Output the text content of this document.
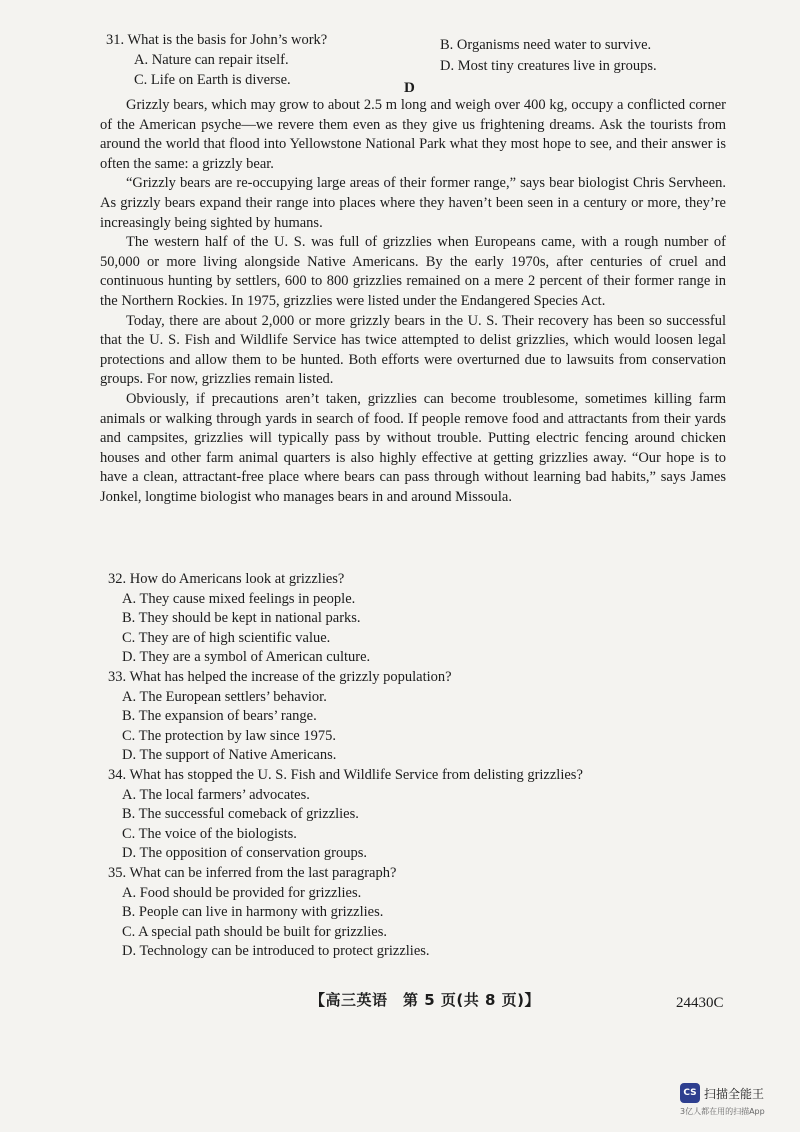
31. What is the basis for John’s work?
A. Nature can repair itself.
C. Life on Earth is diverse.
B. Organisms need water to survive.
D. Most tiny creatures live in groups.
D

Grizzly bears, which may grow to about 2.5 m long and weigh over 400 kg, occupy a conflicted corner of the American psyche—we revere them even as they give us frightening dreams. Ask the tourists from around the world that flood into Yellowstone National Park what they most hope to see, and their answer is often the same: a grizzly bear.

“Grizzly bears are re-occupying large areas of their former range,” says bear biologist Chris Servheen. As grizzly bears expand their range into places where they haven’t been seen in a century or more, they’re increasingly being sighted by humans.

The western half of the U. S. was full of grizzlies when Europeans came, with a rough number of 50,000 or more living alongside Native Americans. By the early 1970s, after centuries of cruel and continuous hunting by settlers, 600 to 800 grizzlies remained on a mere 2 percent of their former range in the Northern Rockies. In 1975, grizzlies were listed under the Endangered Species Act.

Today, there are about 2,000 or more grizzly bears in the U. S. Their recovery has been so successful that the U. S. Fish and Wildlife Service has twice attempted to delist grizzlies, which would loosen legal protections and allow them to be hunted. Both efforts were overturned due to lawsuits from conservation groups. For now, grizzlies remain listed.

Obviously, if precautions aren’t taken, grizzlies can become troublesome, sometimes killing farm animals or walking through yards in search of food. If people remove food and attractants from their yards and campsites, grizzlies will typically pass by without trouble. Putting electric fencing around chicken houses and other farm animal quarters is also highly effective at getting grizzlies away. “Our hope is to have a clean, attractant-free place where bears can pass through without learning bad habits,” says James Jonkel, longtime biologist who manages bears in and around Missoula.

32. How do Americans look at grizzlies?
A. They cause mixed feelings in people.
B. They should be kept in national parks.
C. They are of high scientific value.
D. They are a symbol of American culture.
33. What has helped the increase of the grizzly population?
A. The European settlers’ behavior.
B. The expansion of bears’ range.
C. The protection by law since 1975.
D. The support of Native Americans.
34. What has stopped the U. S. Fish and Wildlife Service from delisting grizzlies?
A. The local farmers’ advocates.
B. The successful comeback of grizzlies.
C. The voice of the biologists.
D. The opposition of conservation groups.
35. What can be inferred from the last paragraph?
A. Food should be provided for grizzlies.
B. People can live in harmony with grizzlies.
C. A special path should be built for grizzlies.
D. Technology can be introduced to protect grizzlies.
【高三英语　第 5 页(共 8 页)】	24430C
CS 扫描全能王
3亿人都在用的扫描App
